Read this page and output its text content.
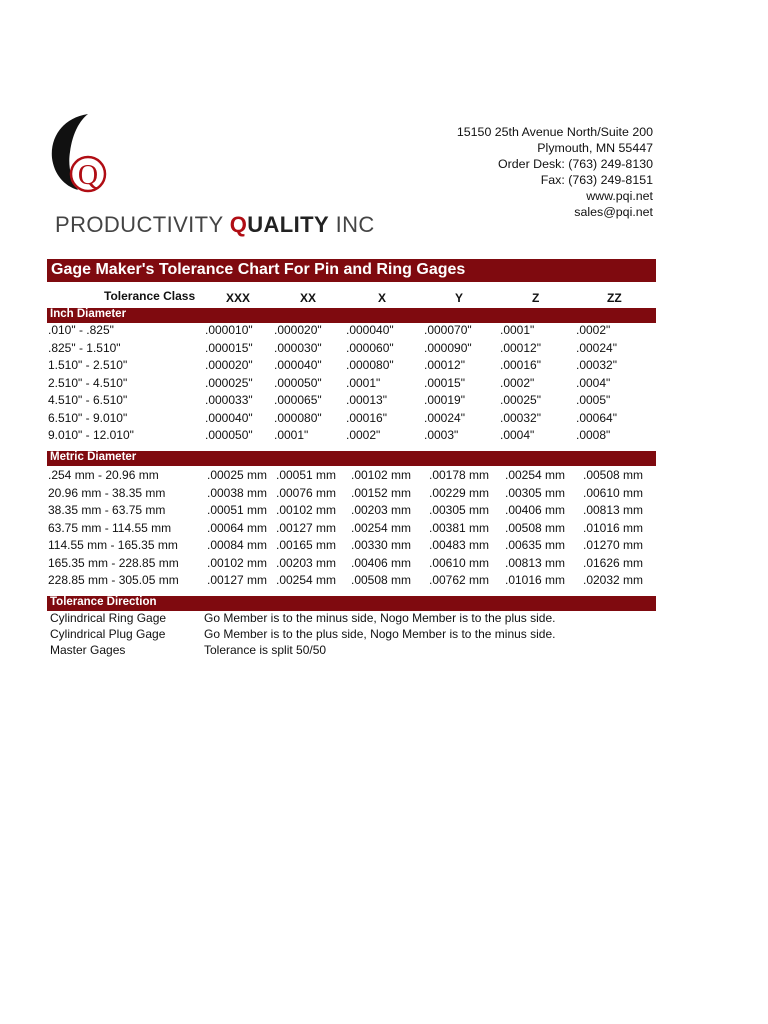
Q
PRODUCTIVITY QUALITY INC
15150 25th Avenue North/Suite 200
Plymouth, MN 55447
Order Desk: (763) 249-8130
Fax: (763) 249-8151
www.pqi.net
sales@pqi.net
Gage Maker's Tolerance Chart For Pin and Ring Gages
Tolerance Class	XXX	XX	X	Y	Z	ZZ
Inch Diameter
.010" - .825"	.000010" .000020" .000040"	.000070" .0001"	.0002"
.825" - 1.510"	.000015" .000030" .000060"	.000090" .00012"	.00024"
1.510" - 2.510"	.000020" .000040" .000080"	.00012"	.00016"	.00032"
2.510" - 4.510"	.000025" .000050" .0001"	.00015"	.0002"	.0004"
4.510" - 6.510"	.000033" .000065" .00013"	.00019"	.00025"	.0005"
6.510" - 9.010"	.000040" .000080" .00016"	.00024"	.00032"	.00064"
9.010" - 12.010"	.000050" .0001"	.0002"	.0003"	.0004"	.0008"
Metric Diameter
.254 mm - 20.96 mm	.00025 mm .00051 mm .00102 mm .00178 mm .00254 mm .00508 mm
20.96 mm - 38.35 mm	.00038 mm .00076 mm .00152 mm .00229 mm .00305 mm .00610 mm
38.35 mm - 63.75 mm	.00051 mm .00102 mm .00203 mm .00305 mm .00406 mm .00813 mm
63.75 mm - 114.55 mm	.00064 mm .00127 mm .00254 mm .00381 mm .00508 mm .01016 mm
114.55 mm - 165.35 mm .00084 mm .00165 mm .00330 mm .00483 mm .00635 mm .01270 mm
165.35 mm - 228.85 mm .00102 mm .00203 mm .00406 mm .00610 mm .00813 mm .01626 mm
228.85 mm - 305.05 mm .00127 mm .00254 mm .00508 mm .00762 mm .01016 mm .02032 mm
Tolerance Direction
Cylindrical Ring Gage	Go Member is to the minus side, Nogo Member is to the plus side.
Cylindrical Plug Gage	Go Member is to the plus side, Nogo Member is to the minus side.
Master Gages	Tolerance is split 50/50
